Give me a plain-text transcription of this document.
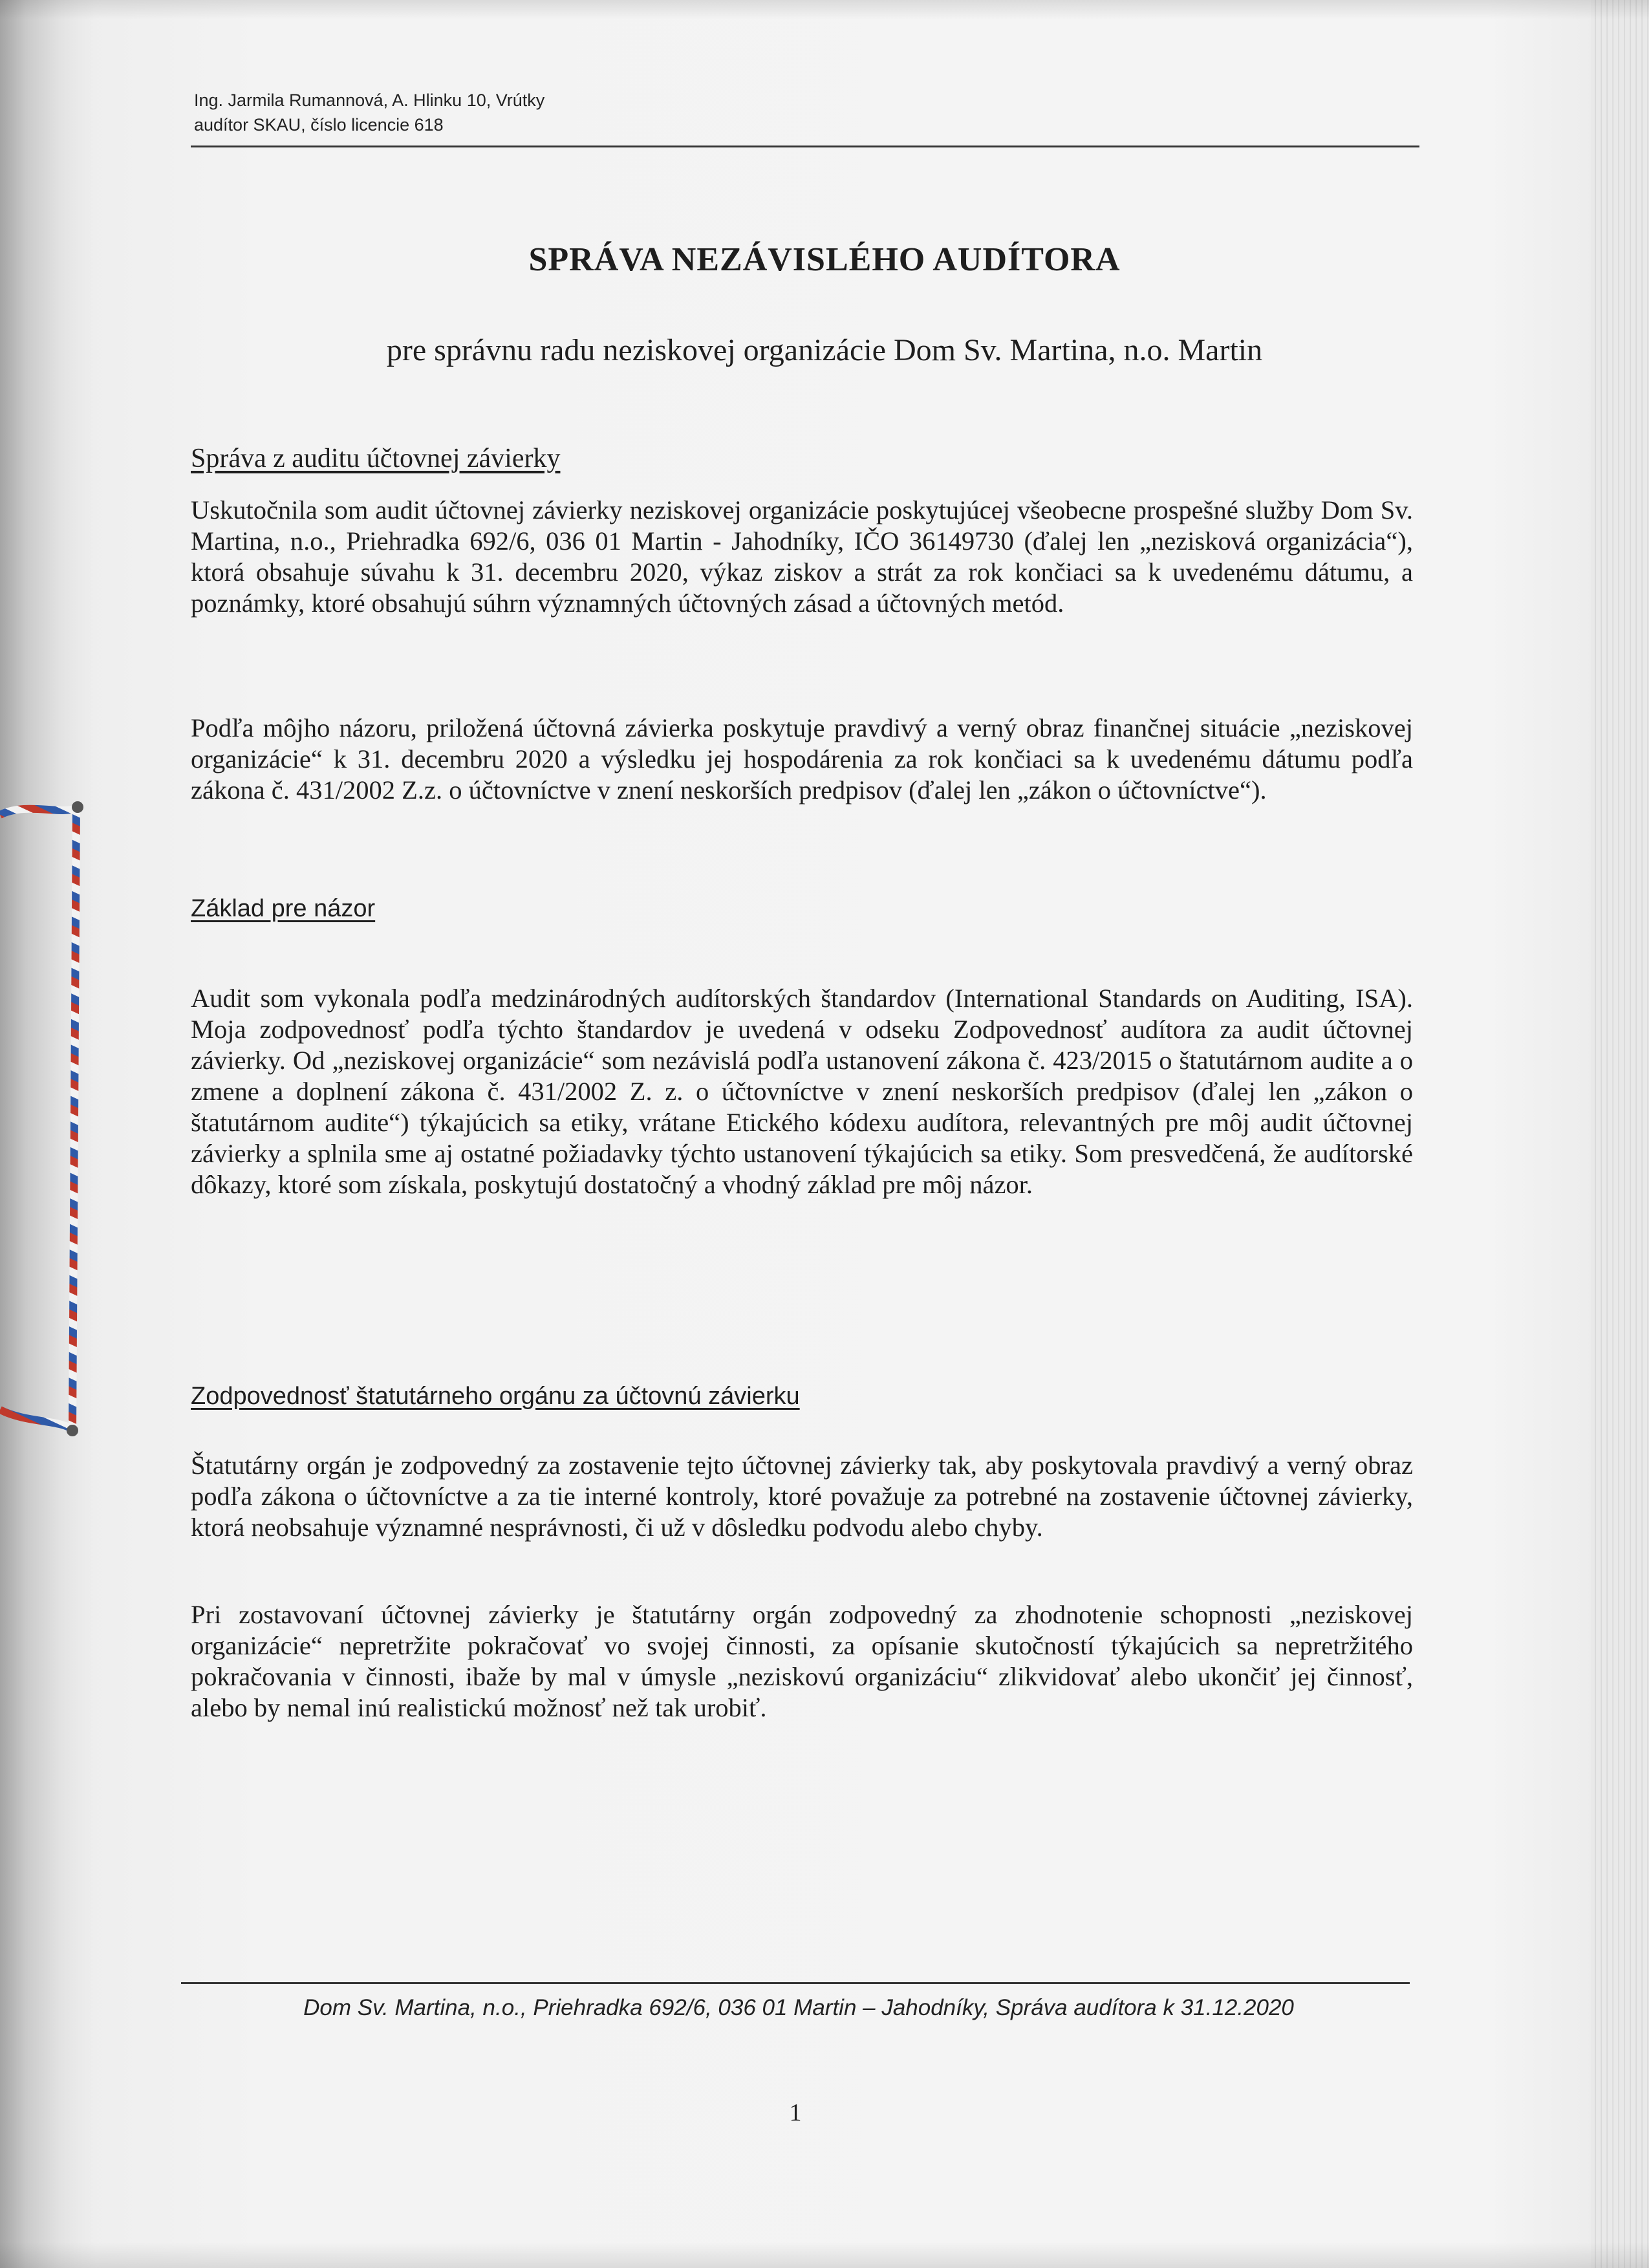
Ing. Jarmila Rumannová, A. Hlinku 10, Vrútky
audítor SKAU, číslo licencie 618
SPRÁVA NEZÁVISLÉHO AUDÍTORA
pre správnu radu neziskovej organizácie Dom Sv. Martina, n.o. Martin
Správa z auditu účtovnej závierky

Uskutočnila som audit účtovnej závierky neziskovej organizácie poskytujúcej všeobecne prospešné služby Dom Sv. Martina, n.o., Priehradka 692/6, 036 01 Martin - Jahodníky, IČO 36149730 (ďalej len „nezisková organizácia“), ktorá obsahuje súvahu k 31. decembru 2020, výkaz ziskov a strát za rok končiaci sa k uvedenému dátumu, a poznámky, ktoré obsahujú súhrn významných účtovných zásad a účtovných metód.

Podľa môjho názoru, priložená účtovná závierka poskytuje pravdivý a verný obraz finančnej situácie „neziskovej organizácie“ k 31. decembru 2020 a výsledku jej hospodárenia za rok končiaci sa k uvedenému dátumu podľa zákona č. 431/2002 Z.z. o účtovníctve v znení neskorších predpisov (ďalej len „zákon o účtovníctve“).

Základ pre názor

Audit som vykonala podľa medzinárodných audítorských štandardov (International Standards on Auditing, ISA). Moja zodpovednosť podľa týchto štandardov je uvedená v odseku Zodpovednosť audítora za audit účtovnej závierky. Od „neziskovej organizácie“ som nezávislá podľa ustanovení zákona č. 423/2015 o štatutárnom audite a o zmene a doplnení zákona č. 431/2002 Z. z. o účtovníctve v znení neskorších predpisov (ďalej len „zákon o štatutárnom audite“) týkajúcich sa etiky, vrátane Etického kódexu audítora, relevantných pre môj audit účtovnej závierky a splnila sme aj ostatné požiadavky týchto ustanovení týkajúcich sa etiky. Som presvedčená, že audítorské dôkazy, ktoré som získala, poskytujú dostatočný a vhodný základ pre môj názor.

Zodpovednosť štatutárneho orgánu za účtovnú závierku

Štatutárny orgán je zodpovedný za zostavenie tejto účtovnej závierky tak, aby poskytovala pravdivý a verný obraz podľa zákona o účtovníctve a za tie interné kontroly, ktoré považuje za potrebné na zostavenie účtovnej závierky, ktorá neobsahuje významné nesprávnosti, či už v dôsledku podvodu alebo chyby.

Pri zostavovaní účtovnej závierky je štatutárny orgán zodpovedný za zhodnotenie schopnosti „neziskovej organizácie“ nepretržite pokračovať vo svojej činnosti, za opísanie skutočností týkajúcich sa nepretržitého pokračovania v činnosti, ibaže by mal v úmysle „neziskovú organizáciu“ zlikvidovať alebo ukončiť jej činnosť, alebo by nemal inú realistickú možnosť než tak urobiť.

Dom Sv. Martina, n.o., Priehradka 692/6, 036 01 Martin – Jahodníky, Správa audítora k 31.12.2020
1
